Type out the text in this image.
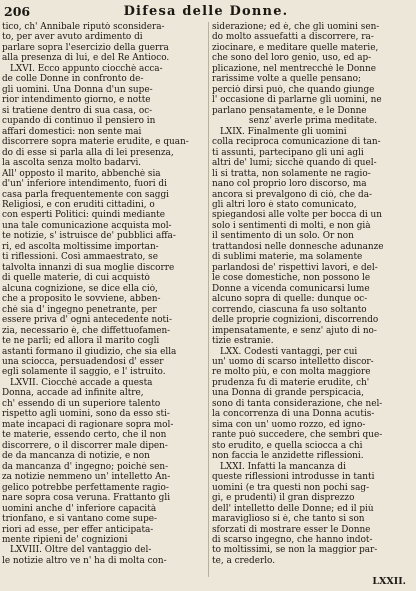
206	Difesa delle Donne.
tico, ch' Annibale riputò sconsidera-
to, per aver avuto ardimento di
parlare sopra l'esercizio della guerra
alla presenza di lui, e del Re Antioco.
LXVI. Ecco appunto ciocchè acca-
de colle Donne in confronto de-
gli uomini. Una Donna d'un supe-
rior intendimento giorno, e notte
si tratiene dentro di sua casa, oc-
cupando di continuo il pensiero in
affari domestici: non sente mai
discorrere sopra materie erudite, e quan-
do di esse si parla alla di lei presenza,
la ascolta senza molto badarvi.
All' opposto il marito, abbenchè sia
d'un' inferiore intendimento, fuori di
casa parla frequentemente con saggi
Religiosi, e con eruditi cittadini, o
con esperti Politici: quindi mediante
una tale comunicazione acquista mol-
te notizie, s' istruisce de' pubblici affa-
ri, ed ascolta moltissime importan-
ti riflessioni. Così ammaestrato, se
talvolta innanzi di sua moglie discorre
di quelle materie, di cui acquistò
alcuna cognizione, se dice ella ciò,
che a proposito le sovviene, abben-
chè sia d' ingegno penetrante, per
essere priva d' ogni antecedente noti-
zia, necessario è, che diffettuofamen-
te ne parli; ed allora il marito cogli
astanti formano il giudizio, che sia ella
una sciocca, persuadendosi d' esser
egli solamente il saggio, e l' istruito.
LXVII. Ciocchè accade a questa
Donna, accade ad infinite altre,
ch' essendo di un superiore talento
rispetto agli uomini, sono da esso sti-
mate incapaci di ragionare sopra mol-
te materie, essendo certo, che il non
discorrere, o il discorrer male dipen-
de da mancanza di notizie, e non
da mancanza d' ingegno; poichè sen-
za notizie nemmeno un' intelletto An-
gelico potrebbe perfettamente ragio-
nare sopra cosa veruna. Frattanto gli
uomini anche d' inferiore capacità
trionfano, e si vantano come supe-
riori ad esse, per effer anticipata-
mente ripieni de' cognizioni
LXVIII. Oltre del vantaggio del-
le notizie altro ve n' ha di molta con-
siderazione; ed è, che gli uomini sen-
do molto assuefatti a discorrere, ra-
ziocinare, e meditare quelle materie,
che sono del loro genio, uso, ed ap-
plicazione, nel mentrecchè le Donne
rarissime volte a quelle pensano;
perciò dirsi può, che quando giunge
l' occasione di parlarne gli uomini, ne
parlano pensatamente, e le Donne
senz' averle prima meditate.
LXIX. Finalmente gli uomini
colla reciproca comunicazione di tan-
ti assunti, partecipano gli uni agli
altri de' lumi; sicchè quando di quel-
li si tratta, non solamente ne ragio-
nano col proprio loro discorso, ma
ancora si prevalgono di ciò, che da-
gli altri loro è stato comunicato,
spiegandosi alle volte per bocca di un
solo i sentimenti di molti, e non già
il sentimento di un solo. Or non
trattandosi nelle donnesche adunanze
di sublimi materie, ma solamente
parlandosi de' rispettivi lavori, e del-
le cose domestiche, non possono le
Donne a vicenda comunicarsi lume
alcuno sopra di quelle: dunque oc-
correndo, ciascuna fa uso soltanto
delle proprie cognizioni, discorrendo
impensatamente, e senz' ajuto di no-
tizie estranie.
LXX. Codesti vantaggi, per cui
un' uomo di scarso intelletto discor-
re molto più, e con molta maggiore
prudenza fu di materie erudite, ch'
una Donna di grande perspicacia,
sono di tanta considerazione, che nel-
la concorrenza di una Donna acutis-
sima con un' uomo rozzo, ed igno-
rante può succedere, che sembri que-
sto erudito, e quella sciocca a chi
non faccia le anzidette riflessioni.
LXXI. Infatti la mancanza di
queste riflessioni introdusse in tanti
uomini (e tra questi non pochi sag-
gi, e prudenti) il gran disprezzo
dell' intelletto delle Donne; ed il più
maraviglioso si è, che tanto si son
sforzati di mostrare esser le Donne
di scarso ingegno, che hanno indot-
to moltissimi, se non la maggior par-
te, a crederlo.
LXXII.
